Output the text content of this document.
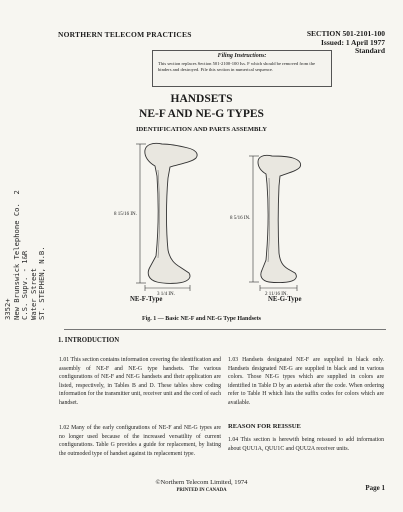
NORTHERN TELECOM PRACTICES	SECTION 501-2101-100
Issued: 1 April 1977
Standard
Filing Instructions:
This section replaces Section 501-2100-100 Iss. F which should be removed from the binders and destroyed. File this section in numerical sequence.
HANDSETS
NE-F AND NE-G TYPES
IDENTIFICATION AND PARTS ASSEMBLY
8 15/16 IN.
3 1/4 IN.
8 5/16 IN.
2 11/16 IN.
NE-F-Type	NE-G-Type
Fig. 1 — Basic NE-F and NE-G Type Handsets
1. INTRODUCTION
1.01 This section contains information covering the identification and assembly of NE-F and NE-G type handsets. The various configurations of NE-F and NE-G handsets and their application are listed, respectively, in Tables B and D. These tables show coding information for the transmitter unit, receiver unit and the cord of each handset.
1.02 Many of the early configurations of NE-F and NE-G types are no longer used because of the increased versatility of current configurations. Table G provides a guide for replacement, by listing the outmoded type of handset against its replacement type.
1.03 Handsets designated NE-F are supplied in black only. Handsets designated NE-G are supplied in black and in various colors. Those NE-G types which are supplied in colors are identified in Table D by an asterisk after the code. When ordering refer to Table H which lists the suffix codes for colors which are available.
REASON FOR REISSUE
1.04 This section is herewith being reissued to add information about QUU1A, QUU1C and QUU2A receiver units.
3352+ New Brunswick Telephone Co.  2 C.S. Supv. - 1&R Water Street ST. STEPHEN, N.B.
©Northern Telecom Limited, 1974
PRINTED IN CANADA	Page 1
